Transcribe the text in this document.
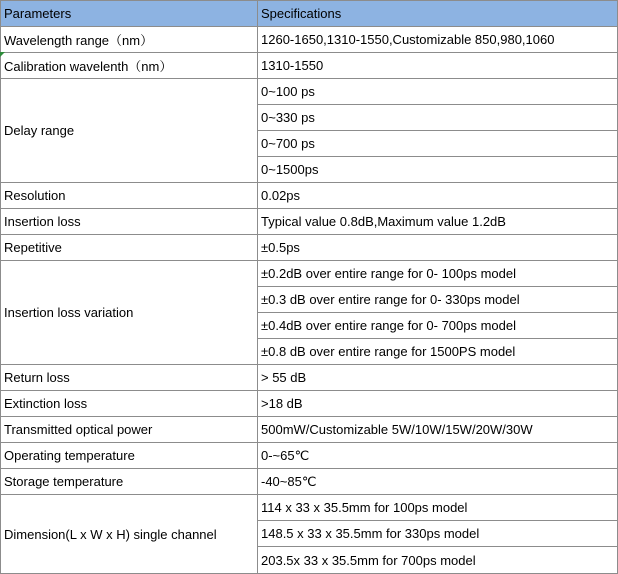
Parameters	Specifications
Wavelength range（nm）	1260-1650,1310-1550,Customizable 850,980,1060
Calibration wavelenth（nm）	1310-1550
Delay range	0~100 ps
	0~330 ps
	0~700 ps
	0~1500ps
Resolution	0.02ps
Insertion loss	Typical value 0.8dB,Maximum value 1.2dB
Repetitive	±0.5ps
Insertion loss variation	±0.2dB over entire range for 0- 100ps model
	±0.3 dB over entire range for 0- 330ps model
	±0.4dB over entire range for 0- 700ps model
	±0.8 dB over entire range for 1500PS model
Return loss	> 55 dB
Extinction loss	>18 dB
Transmitted optical power	500mW/Customizable 5W/10W/15W/20W/30W
Operating temperature	0-~65℃
Storage temperature	-40~85℃
Dimension(L x W x H) single channel	114 x 33 x 35.5mm for 100ps model
	148.5 x 33 x 35.5mm for 330ps model
	203.5x 33 x 35.5mm for 700ps model
